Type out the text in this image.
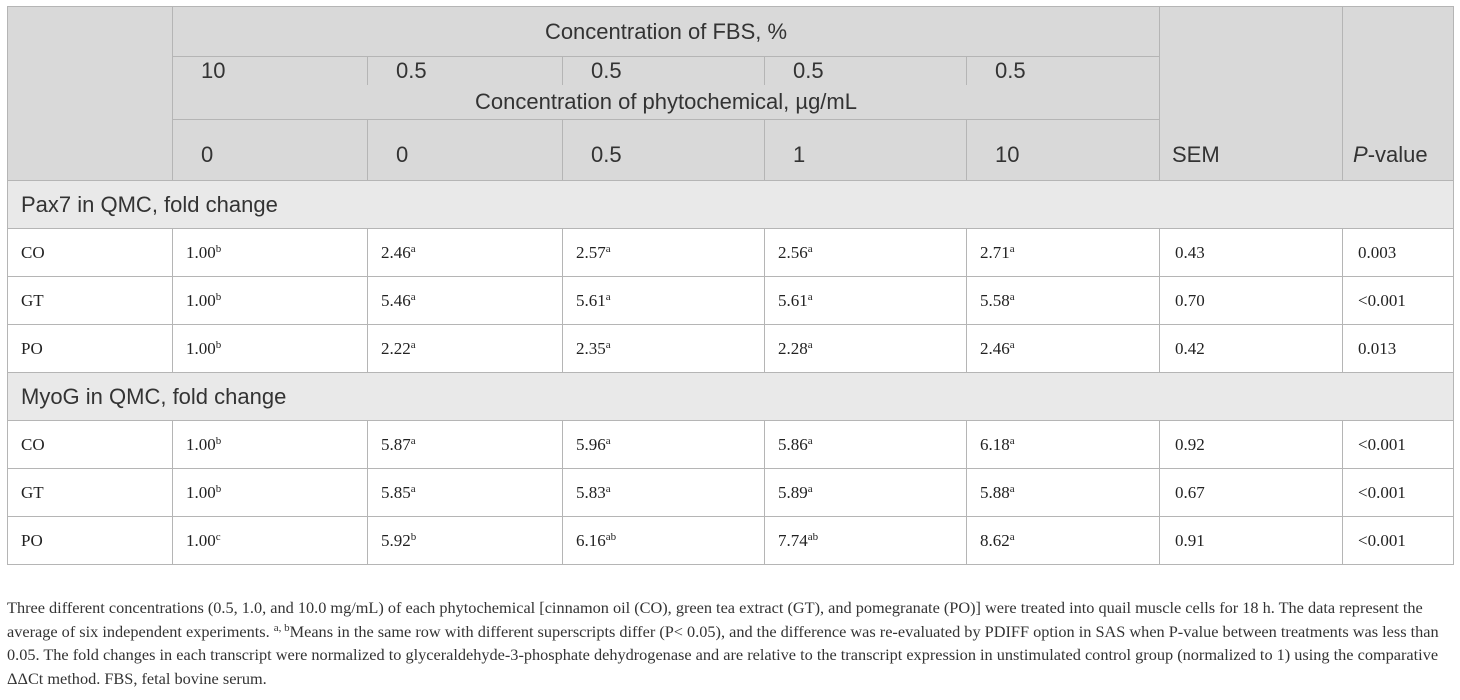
	Concentration of FBS, %					SEM	P-value
	10	0.5	0.5	0.5	0.5		
	Concentration of phytochemical, µg/mL						
	0	0	0.5	1	10		
Pax7 in QMC, fold change							
CO	1.00$^b$	2.46$^a$	2.57$^a$	2.56$^a$	2.71$^a$	0.43	0.003
GT	1.00$^b$	5.46$^a$	5.61$^a$	5.61$^a$	5.58$^a$	0.70	<0.001
PO	1.00$^b$	2.22$^a$	2.35$^a$	2.28$^a$	2.46$^a$	0.42	0.013
MyoG in QMC, fold change							
CO	1.00$^b$	5.87$^a$	5.96$^a$	5.86$^a$	6.18$^a$	0.92	<0.001
GT	1.00$^b$	5.85$^a$	5.83$^a$	5.89$^a$	5.88$^a$	0.67	<0.001
PO	1.00$^c$	5.92$^b$	6.16$^{ab}$	7.74$^{ab}$	8.62$^a$	0.91	<0.001
Three different concentrations (0.5, 1.0, and 10.0 mg/mL) of each phytochemical [cinnamon oil (CO), green tea extract (GT), and pomegranate (PO)] were treated into quail muscle cells for 18 h. The data represent the average of six independent experiments. $^{a, b}$Means in the same row with different superscripts differ (P< 0.05), and the difference was re-evaluated by PDIFF option in SAS when P-value between treatments was less than 0.05. The fold changes in each transcript were normalized to glyceraldehyde-3-phosphate dehydrogenase and are relative to the transcript expression in unstimulated control group (normalized to 1) using the comparative ΔΔCt method. FBS, fetal bovine serum.
